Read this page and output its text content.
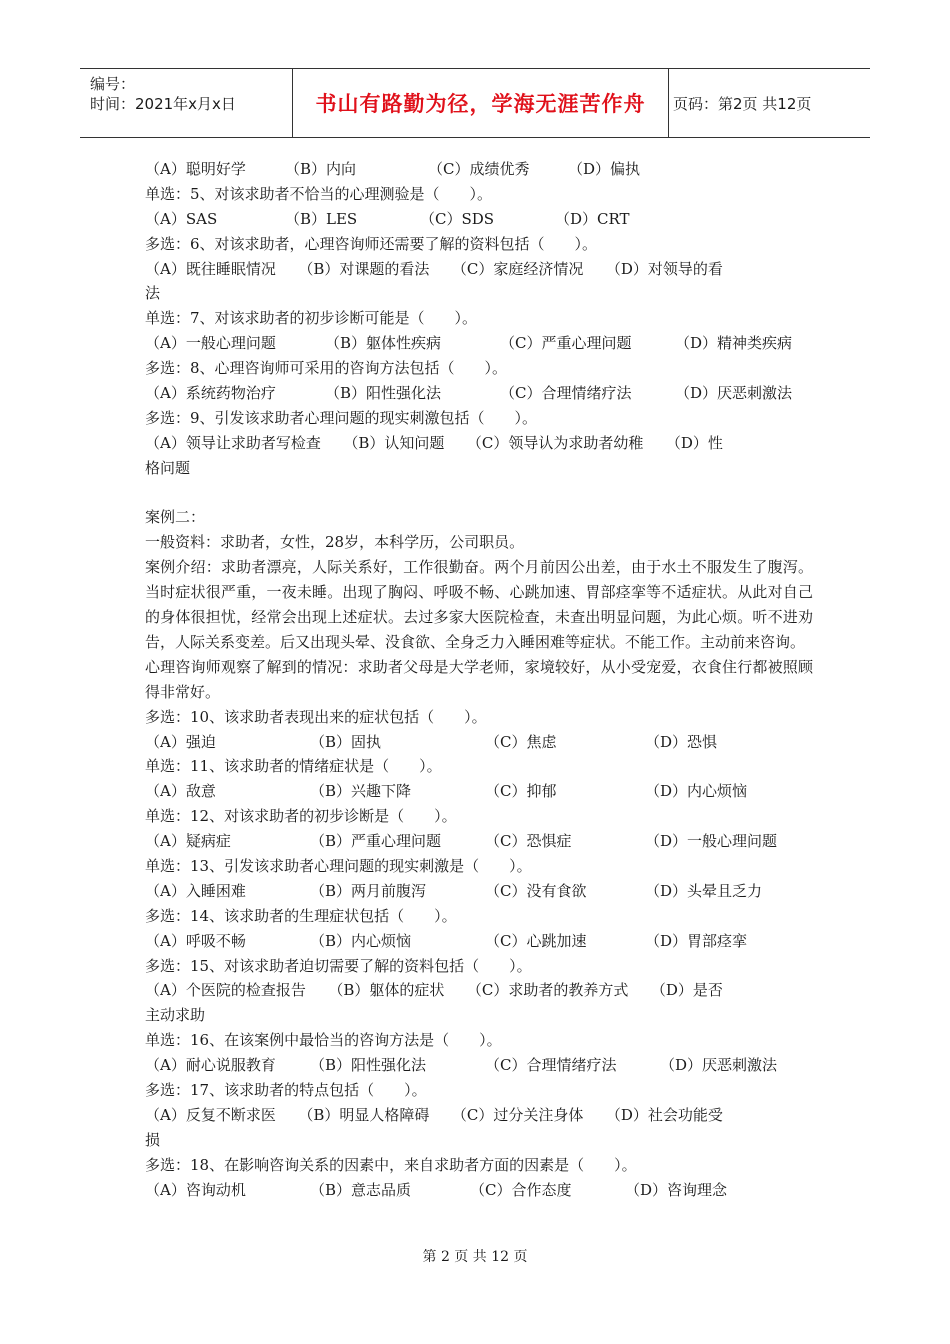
编号：
时间：2021年x月x日	书山有路勤为径，学海无涯苦作舟	页码：第2页 共12页
（A）聪明好学	（B）内向	（C）成绩优秀	（D）偏执
单选：5、对该求助者不恰当的心理测验是（　　）。
（A）SAS	（B）LES	（C）SDS	（D）CRT
多选：6、对该求助者，心理咨询师还需要了解的资料包括（　　）。
（A）既往睡眠情况　　（B）对课题的看法　　（C）家庭经济情况　　（D）对领导的看
法
单选：7、对该求助者的初步诊断可能是（　　）。
（A）一般心理问题	（B）躯体性疾病	（C）严重心理问题	（D）精神类疾病
多选：8、心理咨询师可采用的咨询方法包括（　　）。
（A）系统药物治疗	（B）阳性强化法	（C）合理情绪疗法	（D）厌恶刺激法
多选：9、引发该求助者心理问题的现实刺激包括（　　）。
（A）领导让求助者写检查　　（B）认知问题　　（C）领导认为求助者幼稚　　（D）性
格问题
案例二：
一般资料：求助者，女性，28岁，本科学历，公司职员。
案例介绍：求助者漂亮，人际关系好，工作很勤奋。两个月前因公出差，由于水土不服发生了腹泻。当时症状很严重，一夜未睡。出现了胸闷、呼吸不畅、心跳加速、胃部痉挛等不适症状。从此对自己的身体很担忧，经常会出现上述症状。去过多家大医院检查，未查出明显问题，为此心烦。听不进劝告，人际关系变差。后又出现头晕、没食欲、全身乏力入睡困难等症状。不能工作。主动前来咨询。
心理咨询师观察了解到的情况：求助者父母是大学老师，家境较好，从小受宠爱，衣食住行都被照顾得非常好。
多选：10、该求助者表现出来的症状包括（　　）。
（A）强迫	（B）固执	（C）焦虑	（D）恐惧
单选：11、该求助者的情绪症状是（　　）。
（A）敌意	（B）兴趣下降	（C）抑郁	（D）内心烦恼
单选：12、对该求助者的初步诊断是（　　）。
（A）疑病症	（B）严重心理问题	（C）恐惧症	（D）一般心理问题
单选：13、引发该求助者心理问题的现实刺激是（　　）。
（A）入睡困难	（B）两月前腹泻	（C）没有食欲	（D）头晕且乏力
多选：14、该求助者的生理症状包括（　　）。
（A）呼吸不畅	（B）内心烦恼	（C）心跳加速	（D）胃部痉挛
多选：15、对该求助者迫切需要了解的资料包括（　　）。
（A）个医院的检查报告　　（B）躯体的症状　　（C）求助者的教养方式　　（D）是否
主动求助
单选：16、在该案例中最恰当的咨询方法是（　　）。
（A）耐心说服教育	（B）阳性强化法	（C）合理情绪疗法	（D）厌恶刺激法
多选：17、该求助者的特点包括（　　）。
（A）反复不断求医　　（B）明显人格障碍　　（C）过分关注身体　　（D）社会功能受
损
多选：18、在影响咨询关系的因素中，来自求助者方面的因素是（　　）。
（A）咨询动机	（B）意志品质	（C）合作态度	（D）咨询理念
第 2 页 共 12 页
